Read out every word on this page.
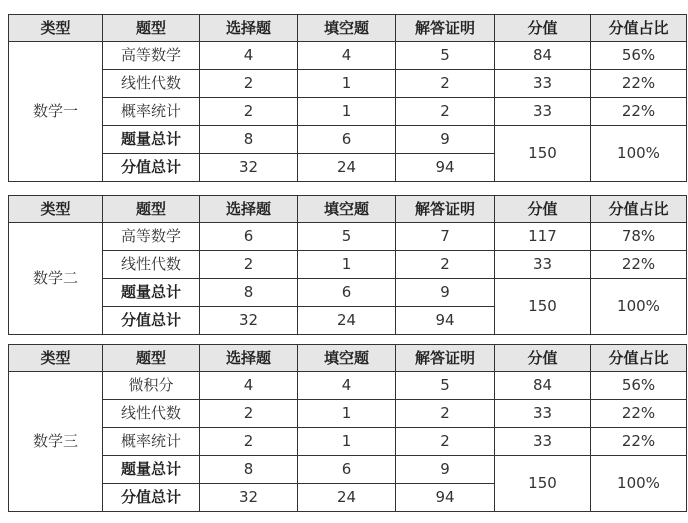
类型	题型	选择题	填空题	解答证明	分值	分值占比
数学一	高等数学	4	4	5	84	56%
	线性代数	2	1	2	33	22%
	概率统计	2	1	2	33	22%
	题量总计	8	6	9	150	100%
	分值总计	32	24	94		
类型	题型	选择题	填空题	解答证明	分值	分值占比
数学二	高等数学	6	5	7	117	78%
	线性代数	2	1	2	33	22%
	题量总计	8	6	9	150	100%
	分值总计	32	24	94		
类型	题型	选择题	填空题	解答证明	分值	分值占比
数学三	微积分	4	4	5	84	56%
	线性代数	2	1	2	33	22%
	概率统计	2	1	2	33	22%
	题量总计	8	6	9	150	100%
	分值总计	32	24	94		
